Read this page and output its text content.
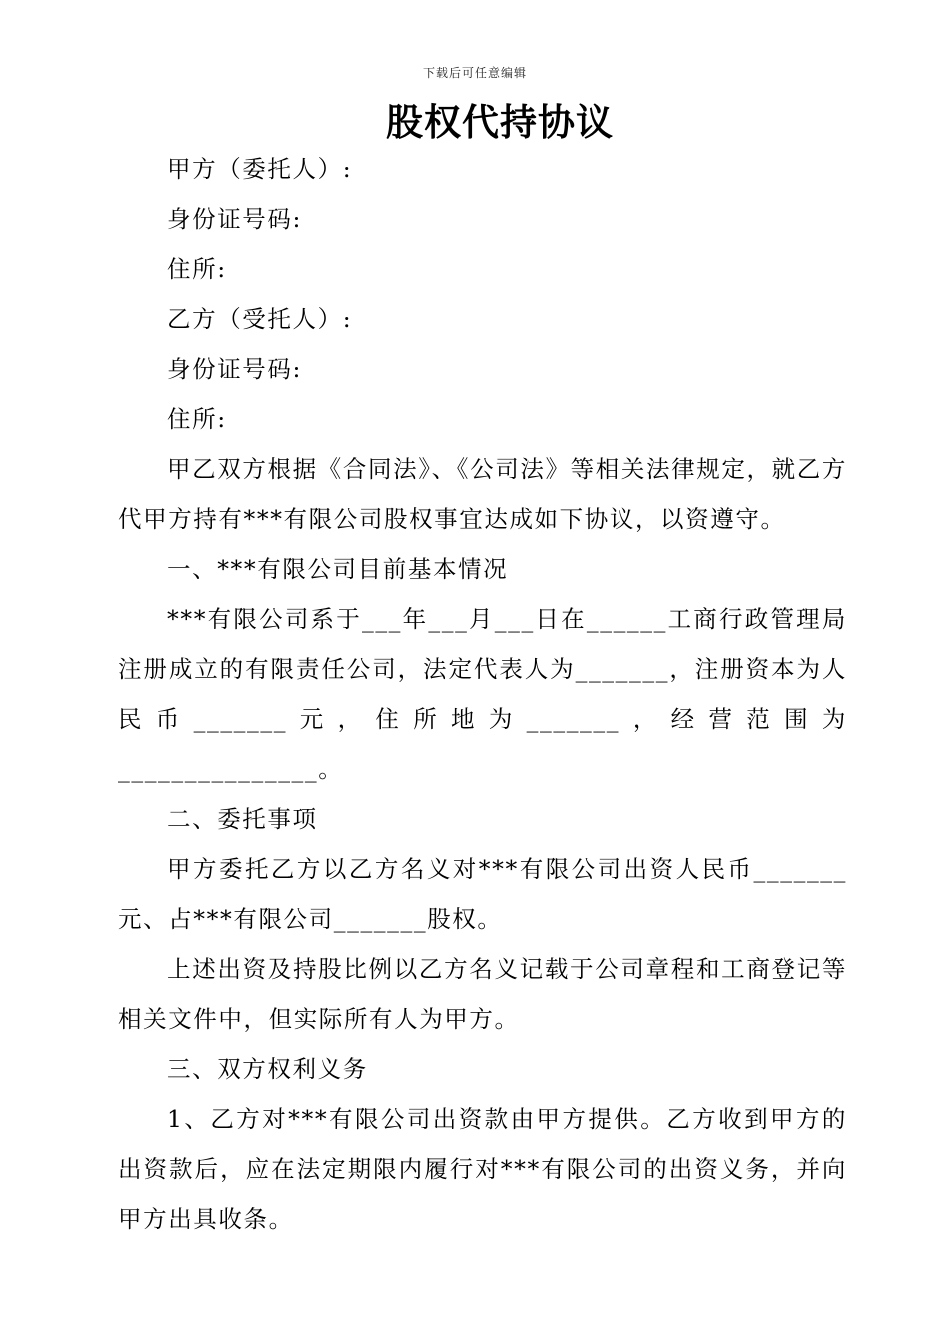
下载后可任意编辑
股权代持协议

甲方（委托人）:

身份证号码:

住所:

乙方（受托人）:

身份证号码:

住所:

甲乙双方根据《合同法》、《公司法》等相关法律规定，就乙方代甲方持有***有限公司股权事宜达成如下协议，以资遵守。

一、***有限公司目前基本情况

***有限公司系于___年___月___日在______工商行政管理局注册成立的有限责任公司，法定代表人为_______，注册资本为人民币_______元，住所地为_______，经营范围为_______________。

二、委托事项

甲方委托乙方以乙方名义对***有限公司出资人民币_______元、占***有限公司_______股权。

上述出资及持股比例以乙方名义记载于公司章程和工商登记等相关文件中，但实际所有人为甲方。

三、双方权利义务

1、乙方对***有限公司出资款由甲方提供。乙方收到甲方的出资款后，应在法定期限内履行对***有限公司的出资义务，并向甲方出具收条。
